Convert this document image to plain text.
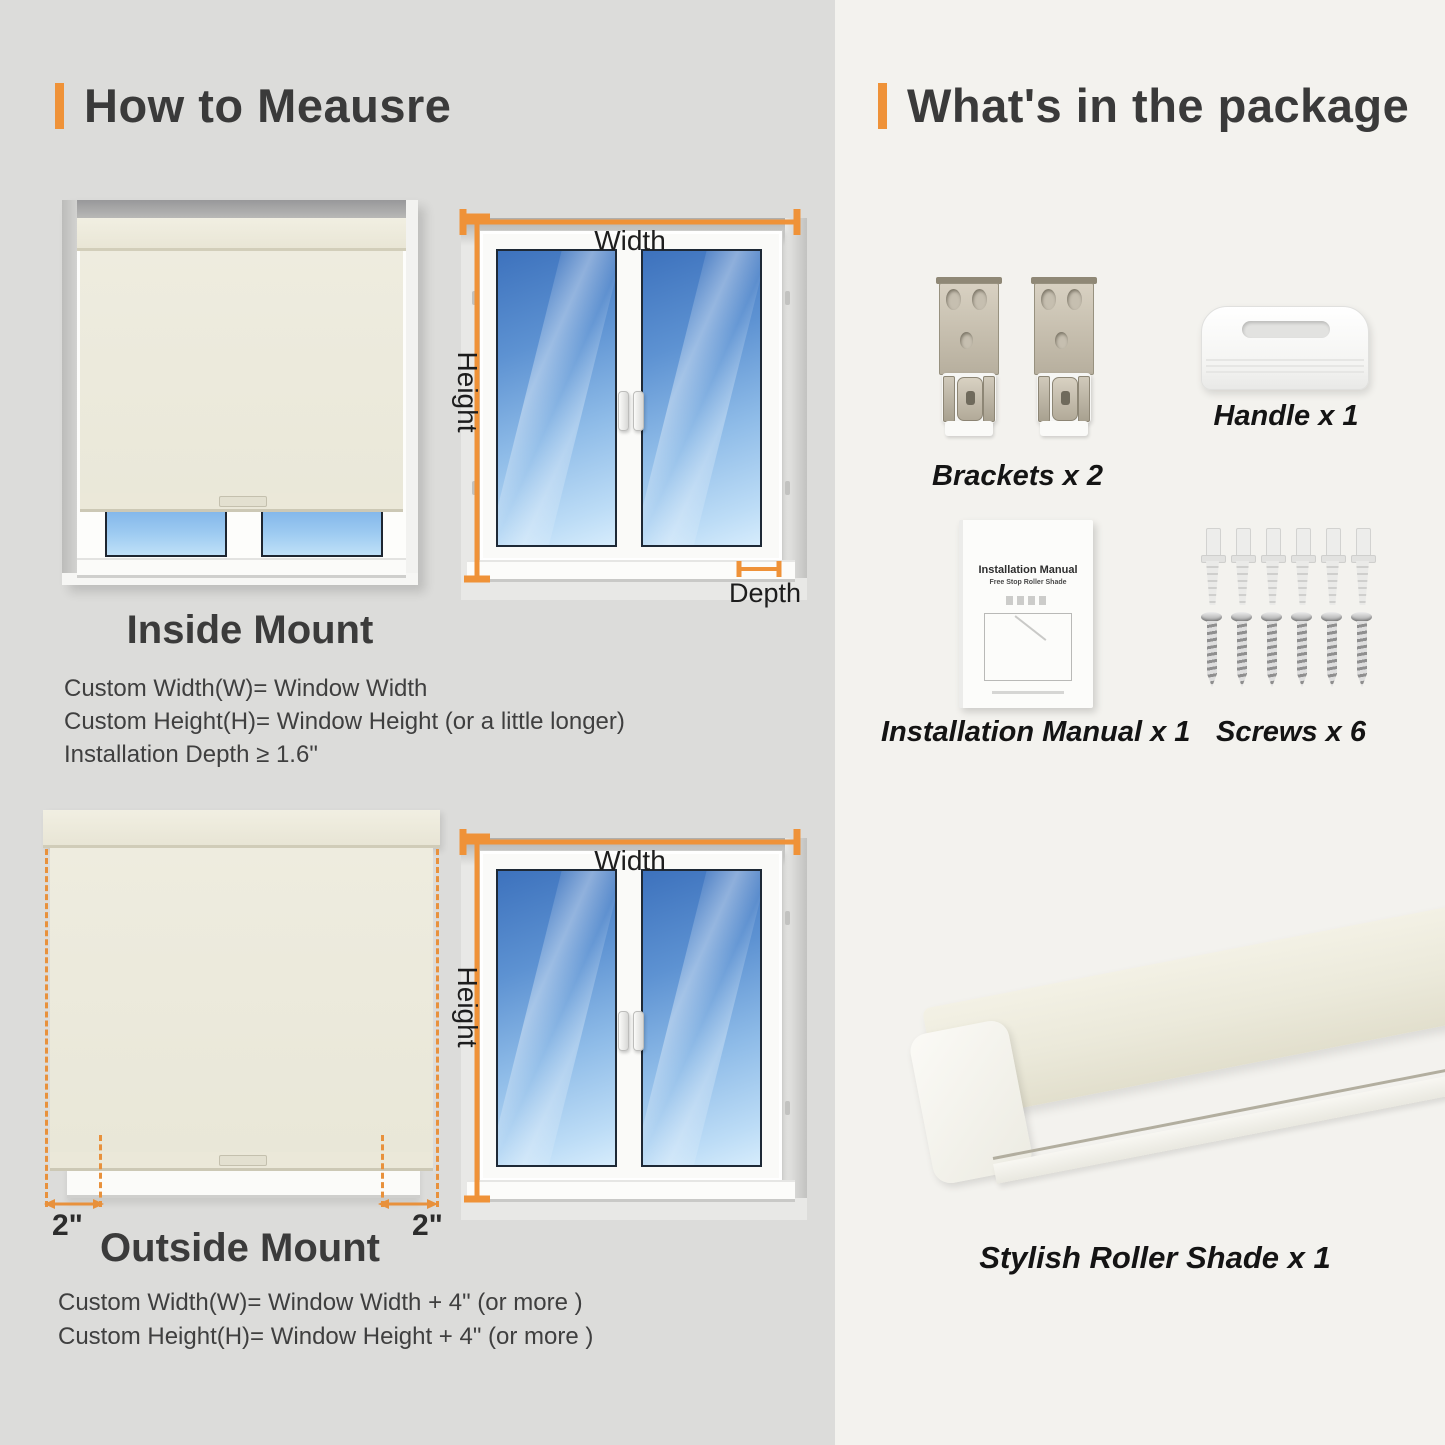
How to Meausre
Width
Height
Depth
Inside Mount
Custom Width(W)= Window Width
Custom Height(H)= Window Height (or a little longer)
Installation Depth ≥ 1.6"
2"	2"
Width
Height
Outside Mount
Custom Width(W)= Window Width + 4" (or more )
Custom Height(H)= Window Height + 4" (or more )
What's in the package
Brackets x 2
Handle x 1
Installation Manual
Free Stop Roller Shade
Installation Manual x 1 Screws x 6
Stylish Roller Shade x 1
